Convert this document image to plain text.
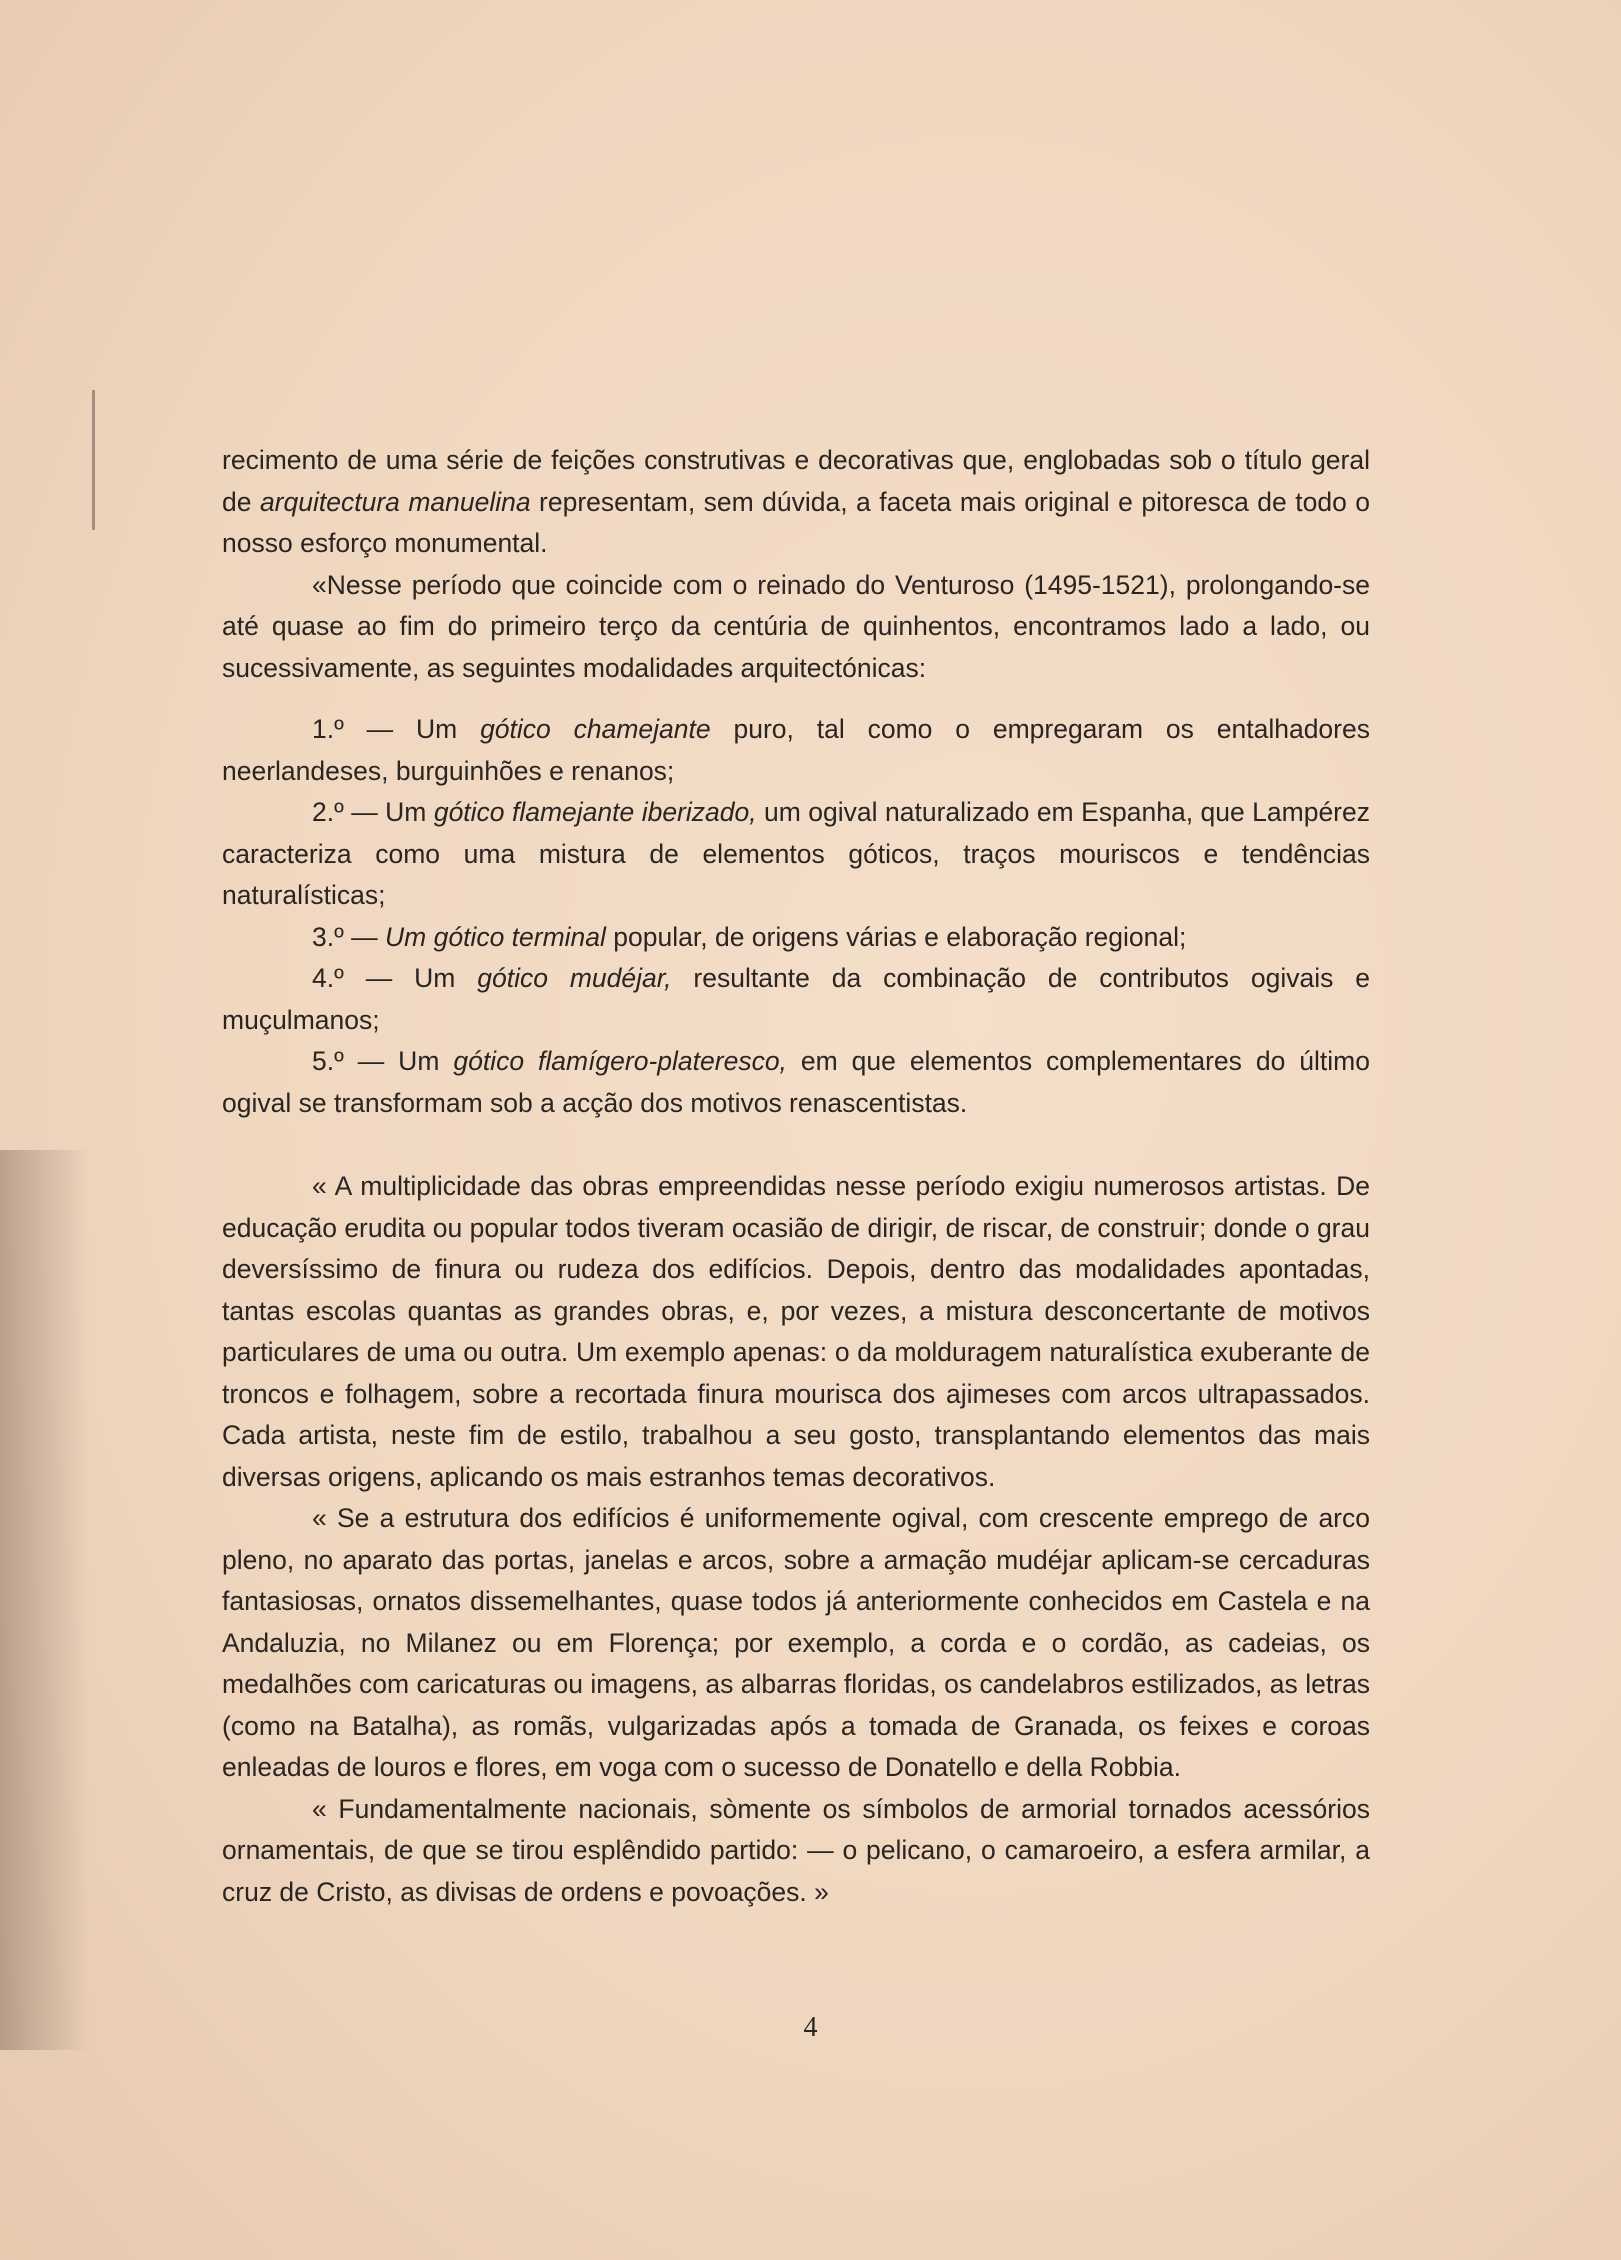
recimento de uma série de feições construtivas e decorativas que, englobadas sob o título geral de arquitectura manuelina representam, sem dúvida, a faceta mais original e pitoresca de todo o nosso esforço monumental.

«Nesse período que coincide com o reinado do Venturoso (1495-1521), prolongando-se até quase ao fim do primeiro terço da centúria de quinhentos, encontramos lado a lado, ou sucessivamente, as seguintes modalidades arquitectónicas:

1.º — Um gótico chamejante puro, tal como o empregaram os entalhadores neerlandeses, burguinhões e renanos;

2.º — Um gótico flamejante iberizado, um ogival naturalizado em Espanha, que Lampérez caracteriza como uma mistura de elementos góticos, traços mouriscos e tendências naturalísticas;

3.º — Um gótico terminal popular, de origens várias e elaboração regional;

4.º — Um gótico mudéjar, resultante da combinação de contributos ogivais e muçulmanos;

5.º — Um gótico flamígero-plateresco, em que elementos complementares do último ogival se transformam sob a acção dos motivos renascentistas.

« A multiplicidade das obras empreendidas nesse período exigiu numerosos artistas. De educação erudita ou popular todos tiveram ocasião de dirigir, de riscar, de construir; donde o grau deversíssimo de finura ou rudeza dos edifícios. Depois, dentro das modalidades apontadas, tantas escolas quantas as grandes obras, e, por vezes, a mistura desconcertante de motivos particulares de uma ou outra. Um exemplo apenas: o da molduragem naturalística exuberante de troncos e folhagem, sobre a recortada finura mourisca dos ajimeses com arcos ultrapassados. Cada artista, neste fim de estilo, trabalhou a seu gosto, transplantando elementos das mais diversas origens, aplicando os mais estranhos temas decorativos.

« Se a estrutura dos edifícios é uniformemente ogival, com crescente emprego de arco pleno, no aparato das portas, janelas e arcos, sobre a armação mudéjar aplicam-se cercaduras fantasiosas, ornatos dissemelhantes, quase todos já anteriormente conhecidos em Castela e na Andaluzia, no Milanez ou em Florença; por exemplo, a corda e o cordão, as cadeias, os medalhões com caricaturas ou imagens, as albarras floridas, os candelabros estilizados, as letras (como na Batalha), as romãs, vulgarizadas após a tomada de Granada, os feixes e coroas enleadas de louros e flores, em voga com o sucesso de Donatello e della Robbia.

« Fundamentalmente nacionais, sòmente os símbolos de armorial tornados acessórios ornamentais, de que se tirou esplêndido partido: — o pelicano, o camaroeiro, a esfera armilar, a cruz de Cristo, as divisas de ordens e povoações. »

4
